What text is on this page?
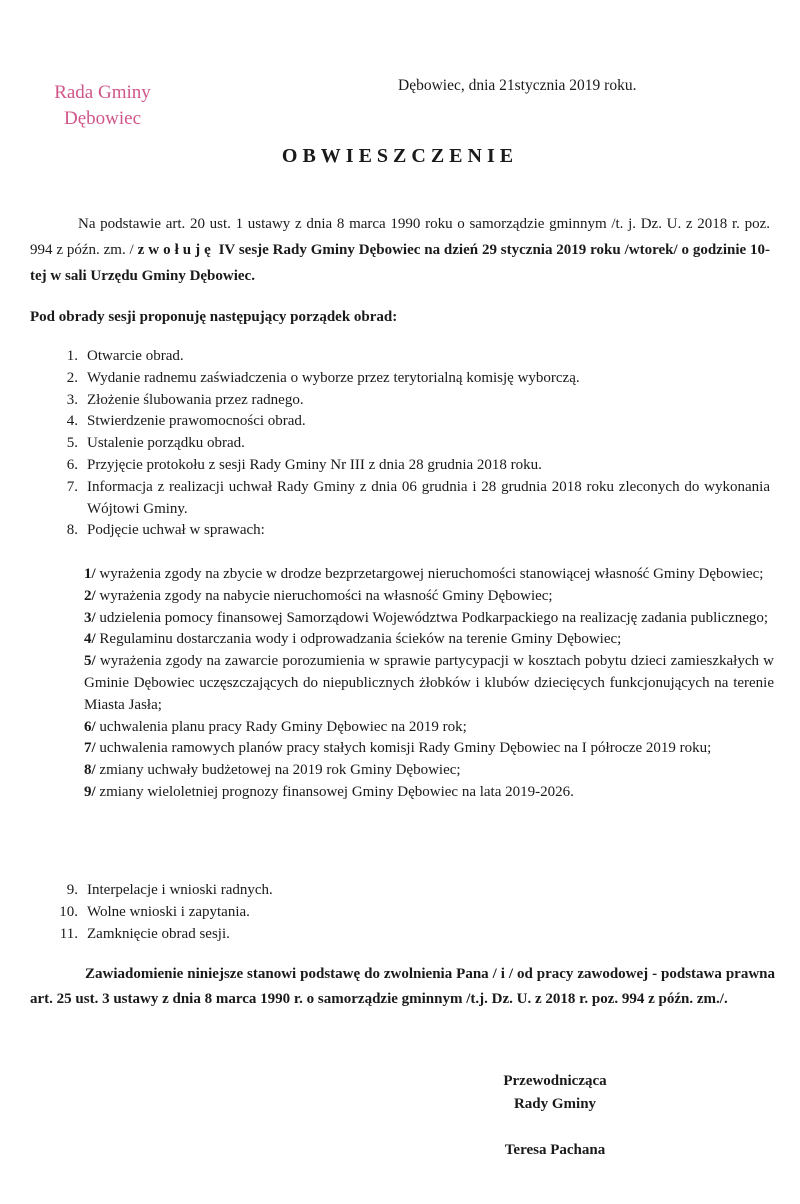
Rada Gminy
Dębowiec
Dębowiec, dnia 21stycznia 2019 roku.
OBWIESZCZENIE

Na podstawie art. 20 ust. 1 ustawy z dnia 8 marca 1990 roku o samorządzie gminnym /t. j. Dz. U. z 2018 r. poz. 994 z późn. zm. / zwołuję IV sesje Rady Gminy Dębowiec na dzień 29 stycznia 2019 roku /wtorek/ o godzinie 10-tej w sali Urzędu Gminy Dębowiec.

Pod obrady sesji proponuję następujący porządek obrad:
1. Otwarcie obrad.
2. Wydanie radnemu zaświadczenia o wyborze przez terytorialną komisję wyborczą.
3. Złożenie ślubowania przez radnego.
4. Stwierdzenie prawomocności obrad.
5. Ustalenie porządku obrad.
6. Przyjęcie protokołu z sesji Rady Gminy Nr III z dnia 28 grudnia 2018 roku.
7. Informacja z realizacji uchwał Rady Gminy z dnia 06 grudnia i 28 grudnia 2018 roku zleconych do wykonania Wójtowi Gminy.
8. Podjęcie uchwał w sprawach:
1/ wyrażenia zgody na zbycie w drodze bezprzetargowej nieruchomości stanowiącej własność Gminy Dębowiec;
2/ wyrażenia zgody na nabycie nieruchomości na własność Gminy Dębowiec;
3/ udzielenia pomocy finansowej Samorządowi Województwa Podkarpackiego na realizację zadania publicznego;
4/ Regulaminu dostarczania wody i odprowadzania ścieków na terenie Gminy Dębowiec;
5/ wyrażenia zgody na zawarcie porozumienia w sprawie partycypacji w kosztach pobytu dzieci zamieszkałych w Gminie Dębowiec uczęszczających do niepublicznych żłobków i klubów dziecięcych funkcjonujących na terenie Miasta Jasła;
6/ uchwalenia planu pracy Rady Gminy Dębowiec na 2019 rok;
7/ uchwalenia ramowych planów pracy stałych komisji Rady Gminy Dębowiec na I półrocze 2019 roku;
8/ zmiany uchwały budżetowej na 2019 rok Gminy Dębowiec;
9/ zmiany wieloletniej prognozy finansowej Gminy Dębowiec na lata 2019-2026.
9. Interpelacje i wnioski radnych.
10. Wolne wnioski i zapytania.
11. Zamknięcie obrad sesji.

Zawiadomienie niniejsze stanowi podstawę do zwolnienia Pana / i / od pracy zawodowej - podstawa prawna art. 25 ust. 3 ustawy z dnia 8 marca 1990 r. o samorządzie gminnym /t.j. Dz. U. z 2018 r. poz. 994 z późn. zm./.

Przewodnicząca
Rady Gminy
Teresa Pachana
